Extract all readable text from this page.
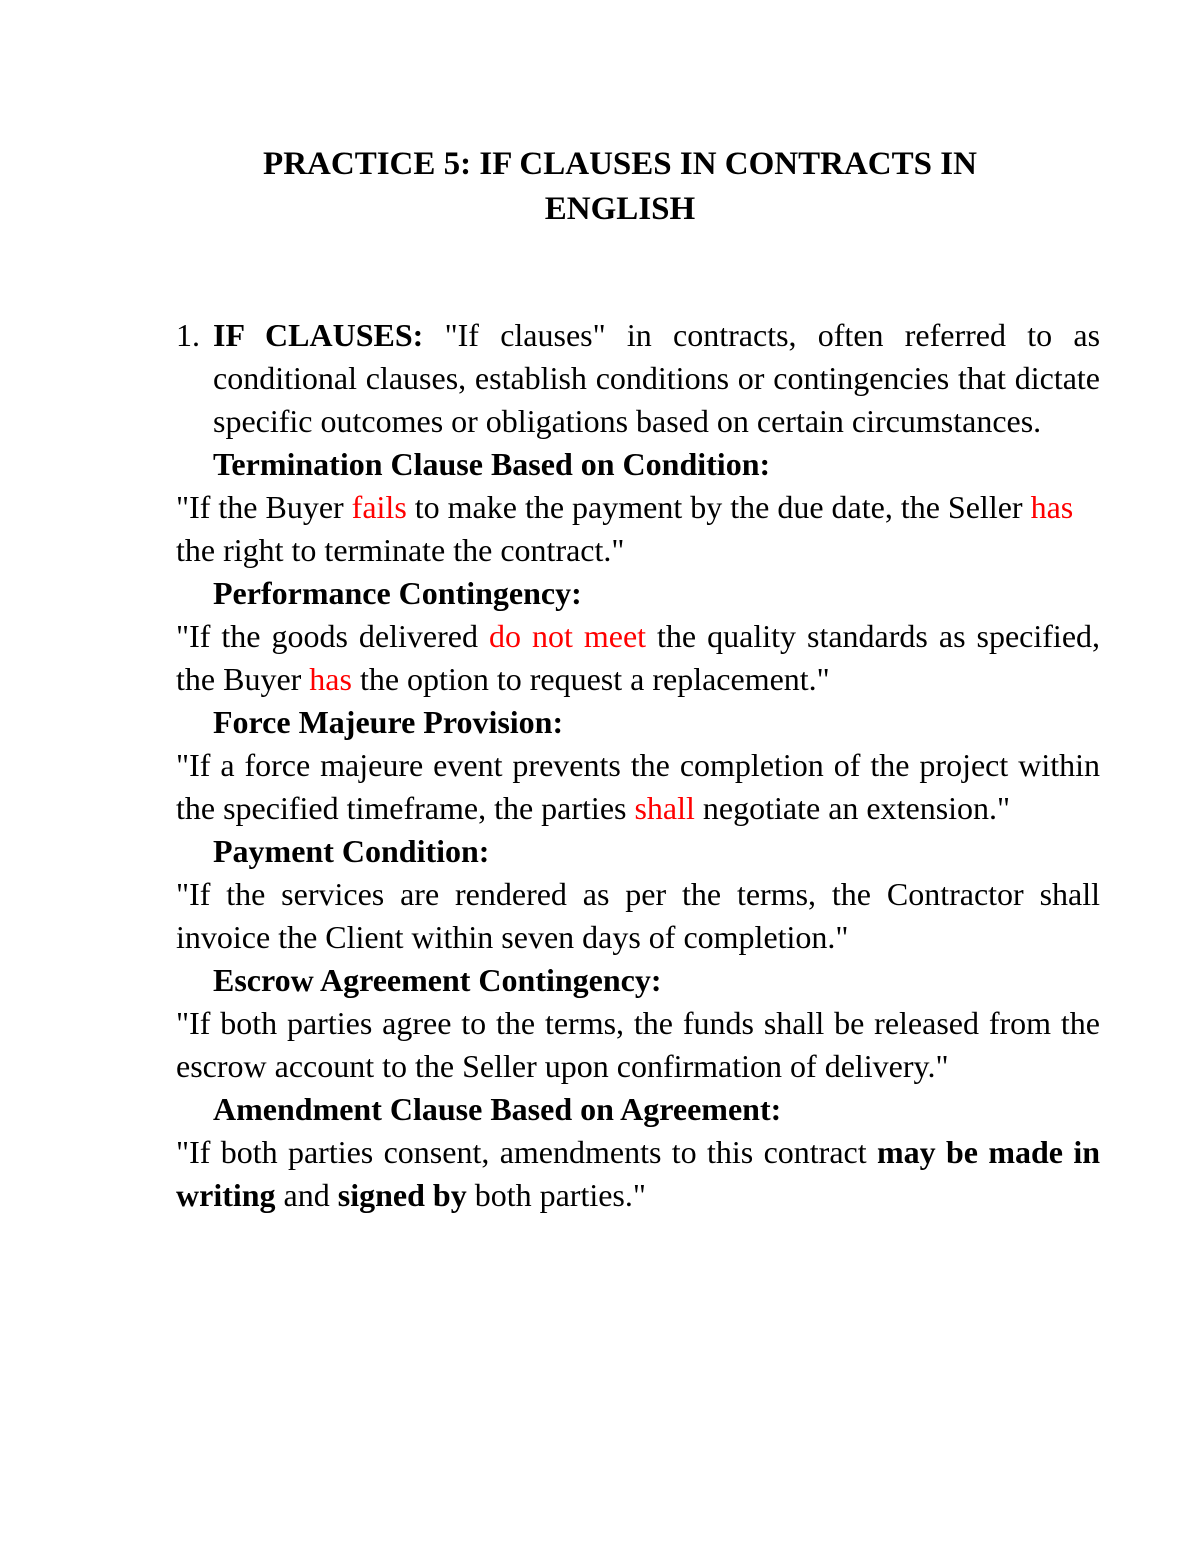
PRACTICE 5: IF CLAUSES IN CONTRACTS IN
ENGLISH

1. IF CLAUSES: "If clauses" in contracts, often referred to as conditional clauses, establish conditions or contingencies that dictate specific outcomes or obligations based on certain circumstances.

Termination Clause Based on Condition:

"If the Buyer fails to make the payment by the due date, the Seller has the right to terminate the contract."

Performance Contingency:

"If the goods delivered do not meet the quality standards as specified, the Buyer has the option to request a replacement."

Force Majeure Provision:

"If a force majeure event prevents the completion of the project within the specified timeframe, the parties shall negotiate an extension."

Payment Condition:

"If the services are rendered as per the terms, the Contractor shall invoice the Client within seven days of completion."

Escrow Agreement Contingency:

"If both parties agree to the terms, the funds shall be released from the escrow account to the Seller upon confirmation of delivery."

Amendment Clause Based on Agreement:

"If both parties consent, amendments to this contract may be made in writing and signed by both parties."
